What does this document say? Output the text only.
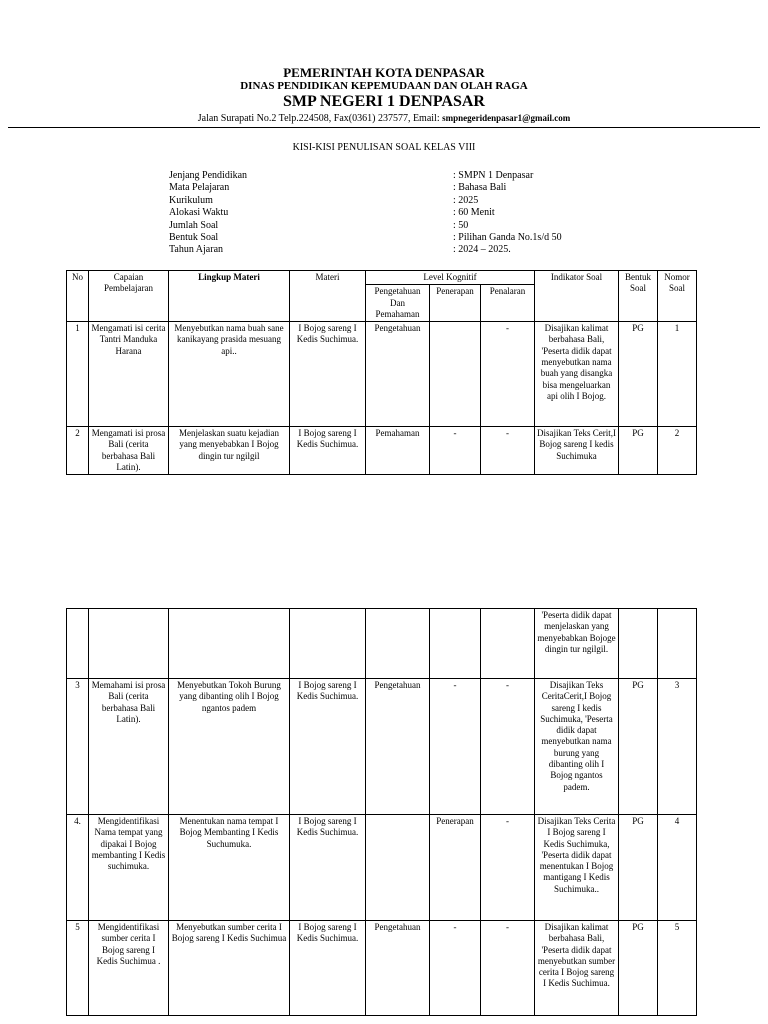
PEMERINTAH KOTA DENPASAR
DINAS PENDIDIKAN KEPEMUDAAN DAN OLAH RAGA
SMP NEGERI 1 DENPASAR
Jalan Surapati No.2 Telp.224508, Fax(0361) 237577, Email: smpnegeridenpasar1@gmail.com
KISI-KISI PENULISAN SOAL KELAS VIII
Jenjang Pendidikan	: SMPN 1 Denpasar
Mata Pelajaran	: Bahasa Bali
Kurikulum	: 2025
Alokasi Waktu	: 60 Menit
Jumlah Soal	: 50
Bentuk Soal	: Pilihan Ganda No.1s/d 50
Tahun Ajaran	: 2024 – 2025.
No	Capaian Pembelajaran	Lingkup Materi	Materi	Level Kognitif			Indikator Soal	Bentuk Soal	Nomor Soal
				Pengetahuan Dan Pemahaman	Penerapan	Penalaran			
1	Mengamati isi cerita Tantri Manduka Harana	Menyebutkan nama buah sane kanikayang prasida mesuang api..	I Bojog sareng I Kedis Suchimua.	Pengetahuan		-	Disajikan kalimat berbahasa Bali, 'Peserta didik dapat menyebutkan nama buah yang disangka bisa mengeluarkan api olih I Bojog.	PG	1
2	Mengamati isi prosa Bali (cerita berbahasa Bali Latin).	Menjelaskan suatu kejadian yang menyebabkan I Bojog dingin tur ngilgil	I Bojog sareng I Kedis Suchimua.	Pemahaman	-	-	Disajikan Teks Cerit,I Bojog sareng I kedis Suchimuka	PG	2
							'Peserta didik dapat menjelaskan yang menyebabkan Bojoge dingin tur ngilgil.		
3	Memahami isi prosa Bali (cerita berbahasa Bali Latin).	Menyebutkan Tokoh Burung yang dibanting olih I Bojog ngantos padem	I Bojog sareng I Kedis Suchimua.	Pengetahuan	-	-	Disajikan Teks CeritaCerit,I Bojog sareng I kedis Suchimuka, 'Peserta didik dapat menyebutkan nama burung yang dibanting olih I Bojog ngantos padem.	PG	3
4.	Mengidentifikasi Nama tempat yang dipakai I Bojog membanting I Kedis suchimuka.	Menentukan nama tempat I Bojog Membanting I Kedis Suchumuka.	I Bojog sareng I Kedis Suchimua.		Penerapan	-	Disajikan Teks Cerita I Bojog sareng I Kedis Suchimuka, 'Peserta didik dapat menentukan I Bojog mantigang I Kedis Suchimuka..	PG	4
5	Mengidentifikasi sumber cerita I Bojog sareng I Kedis Suchimua .	Menyebutkan sumber cerita I Bojog sareng I Kedis Suchimua	I Bojog sareng I Kedis Suchimua.	Pengetahuan	-	-	Disajikan kalimat berbahasa Bali, 'Peserta didik dapat menyebutkan sumber cerita I Bojog sareng I Kedis Suchimua.	PG	5
